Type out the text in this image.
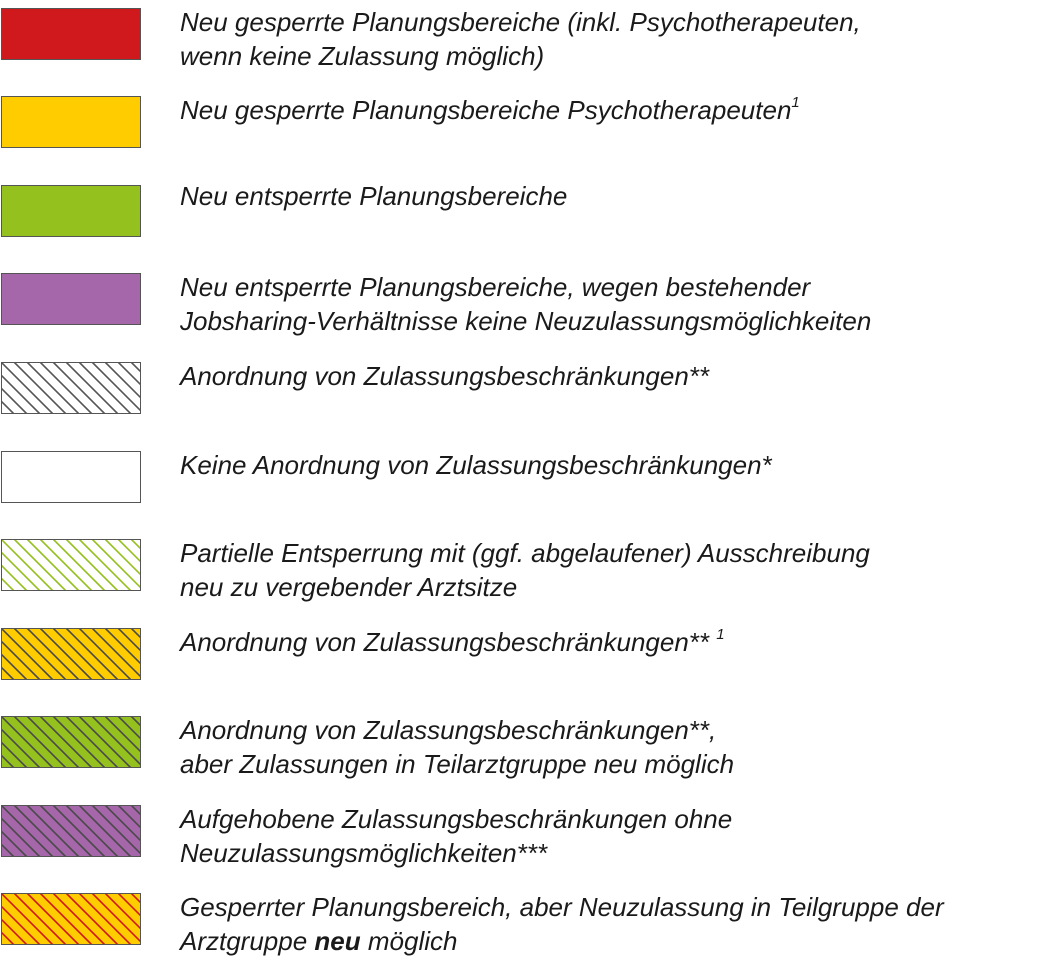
Neu gesperrte Planungsbereiche (inkl. Psychotherapeuten,
wenn keine Zulassung möglich)
Neu gesperrte Planungsbereiche Psychotherapeuten$^1$
Neu entsperrte Planungsbereiche
Neu entsperrte Planungsbereiche, wegen bestehender
Jobsharing-Verhältnisse keine Neuzulassungsmöglichkeiten
Anordnung von Zulassungsbeschränkungen**
Keine Anordnung von Zulassungsbeschränkungen*
Partielle Entsperrung mit (ggf. abgelaufener) Ausschreibung
neu zu vergebender Arztsitze
Anordnung von Zulassungsbeschränkungen** $^1$
Anordnung von Zulassungsbeschränkungen**,
aber Zulassungen in Teilarztgruppe neu möglich
Aufgehobene Zulassungsbeschränkungen ohne
Neuzulassungsmöglichkeiten***
Gesperrter Planungsbereich, aber Neuzulassung in Teilgruppe der
Arztgruppe neu möglich
